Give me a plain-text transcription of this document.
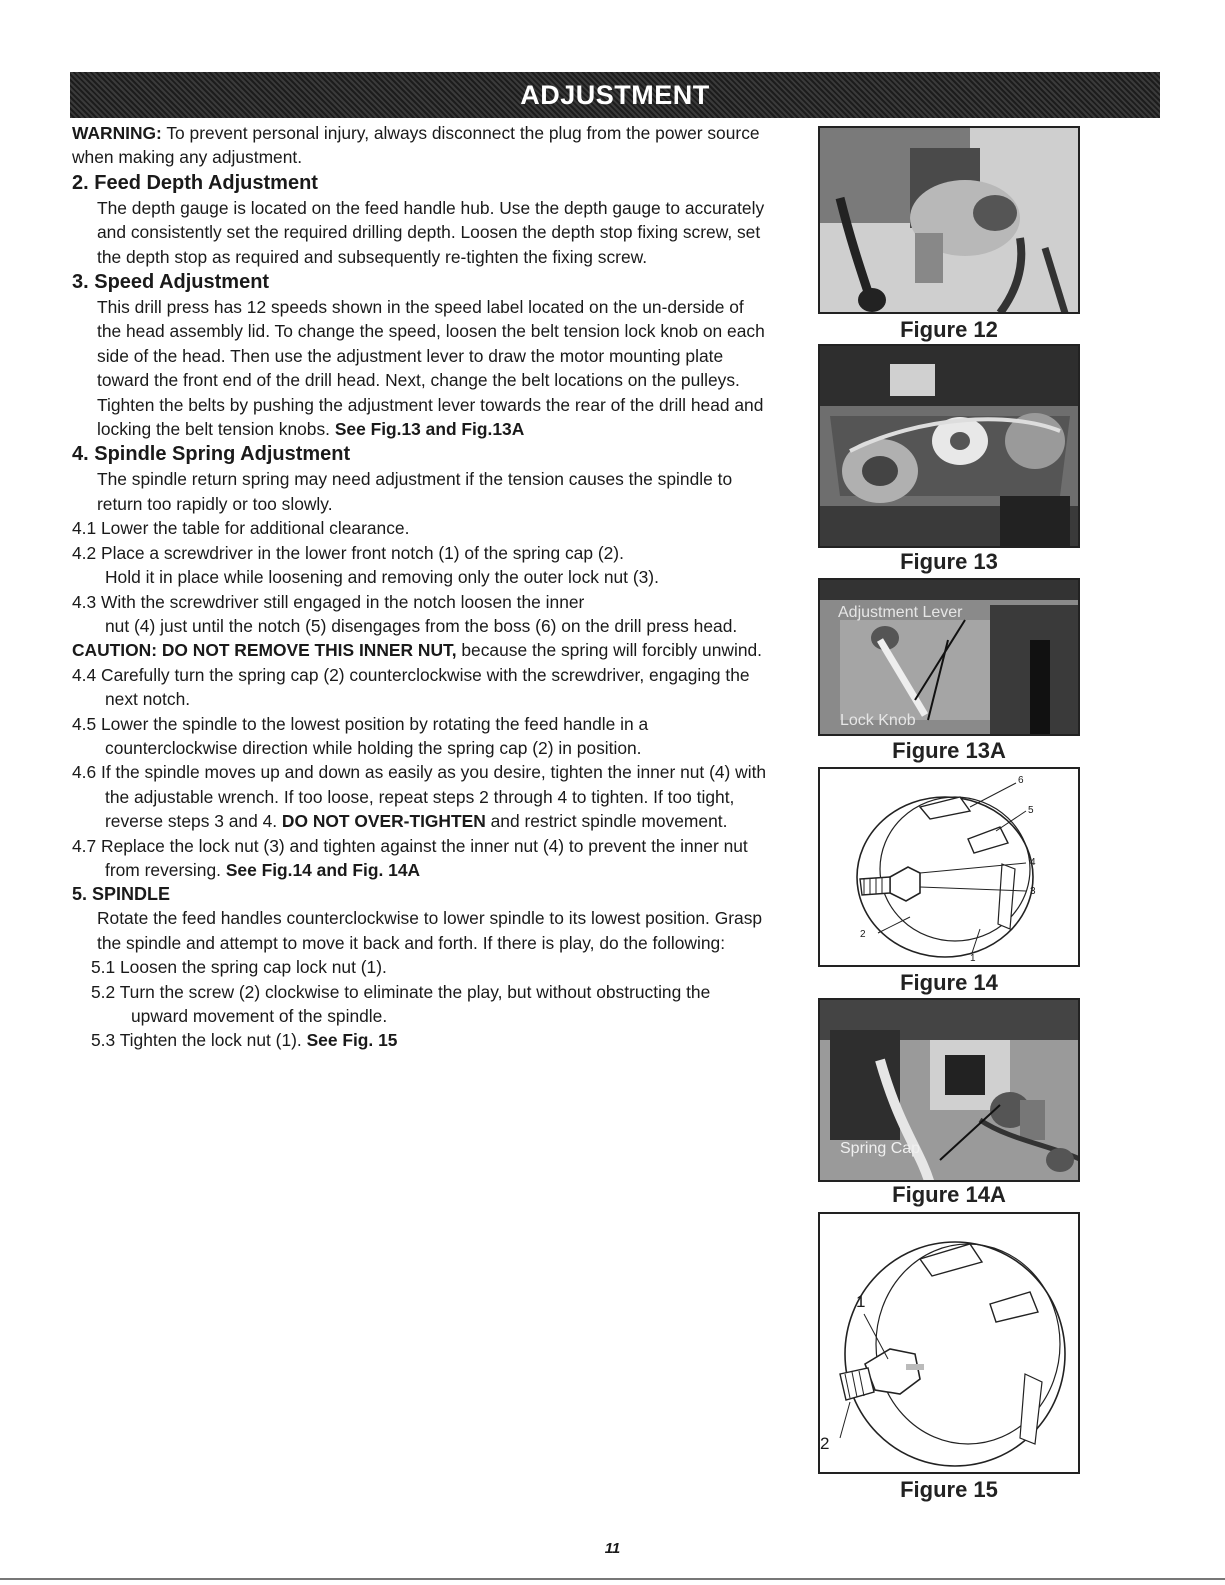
ADJUSTMENT

WARNING: To prevent personal injury, always disconnect the plug from the power source when making any adjustment.

2. Feed Depth Adjustment

The depth gauge is located on the feed handle hub. Use the depth gauge to accurately and consistently set the required drilling depth. Loosen the depth stop fixing screw, set the depth stop as required and subsequently re-tighten the fixing screw.

3. Speed Adjustment

This drill press has 12 speeds shown in the speed label located on the un-derside of the head assembly lid. To change the speed, loosen the belt tension lock knob on each side of the head. Then use the adjustment lever to draw the motor mounting plate toward the front end of the drill head. Next, change the belt locations on the pulleys.

Tighten the belts by pushing the adjustment lever towards the rear of the drill head and locking the belt tension knobs. See Fig.13 and Fig.13A

4. Spindle Spring Adjustment

The spindle return spring may need adjustment if the tension causes the spindle to return too rapidly or too slowly.

4.1 Lower the table for additional clearance.

4.2 Place a screwdriver in the lower front notch (1) of the spring cap (2).

Hold it in place while loosening and removing only the outer lock nut (3).

4.3 With the screwdriver still engaged in the notch loosen the inner

nut (4) just until the notch (5) disengages from the boss (6) on the drill press head.

CAUTION: DO NOT REMOVE THIS INNER NUT, because the spring will forcibly unwind.

4.4 Carefully turn the spring cap (2) counterclockwise with the screwdriver, engaging the next notch.

4.5 Lower the spindle to the lowest position by rotating the feed handle in a counterclockwise direction while holding the spring cap (2) in position.

4.6 If the spindle moves up and down as easily as you desire, tighten the inner nut (4) with the adjustable wrench. If too loose, repeat steps 2 through 4 to tighten. If too tight, reverse steps 3 and 4. DO NOT OVER-TIGHTEN and restrict spindle movement.

4.7 Replace the lock nut (3) and tighten against the inner nut (4) to prevent the inner nut from reversing. See Fig.14 and Fig. 14A

5. SPINDLE

Rotate the feed handles counterclockwise to lower spindle to its lowest position. Grasp the spindle and attempt to move it back and forth. If there is play, do the following:

5.1 Loosen the spring cap lock nut (1).

5.2 Turn the screw (2) clockwise to eliminate the play, but without obstructing the upward movement of the spindle.

5.3 Tighten the lock nut (1). See Fig. 15

Figure 12
Figure 13
Adjustment Lever
Lock Knob
Figure 13A
6
5
4
3
2
1
Figure 14
Spring Cap
Figure 14A
1
2
Figure 15
11
